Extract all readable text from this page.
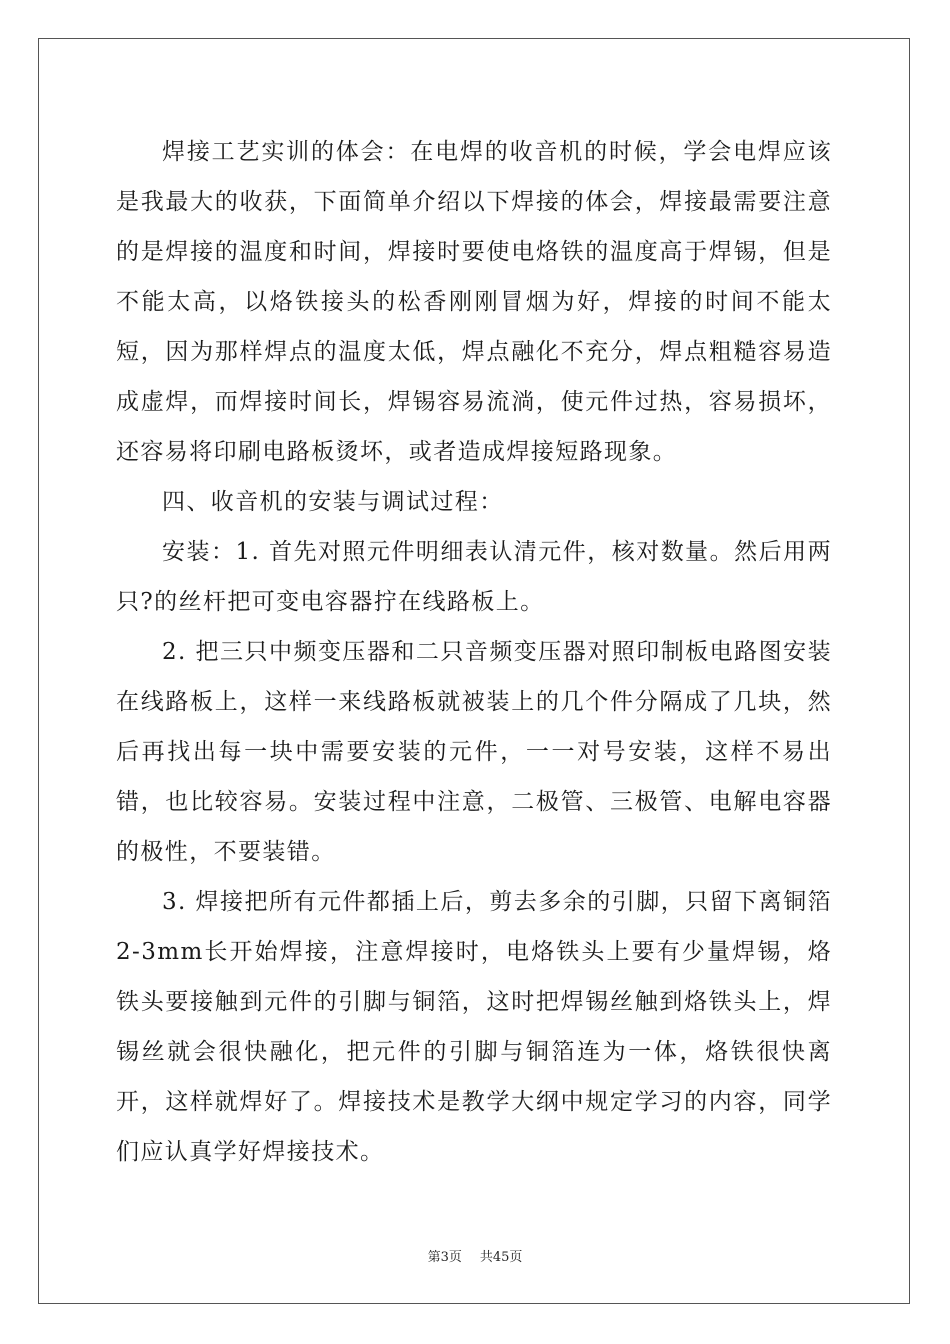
焊接工艺实训的体会：在电焊的收音机的时候，学会电焊应该是我最大的收获，下面简单介绍以下焊接的体会，焊接最需要注意的是焊接的温度和时间，焊接时要使电烙铁的温度高于焊锡，但是不能太高，以烙铁接头的松香刚刚冒烟为好，焊接的时间不能太短，因为那样焊点的温度太低，焊点融化不充分，焊点粗糙容易造成虚焊，而焊接时间长，焊锡容易流淌，使元件过热，容易损坏，还容易将印刷电路板烫坏，或者造成焊接短路现象。

四、收音机的安装与调试过程：

安装：1. 首先对照元件明细表认清元件，核对数量。然后用两只?的丝杆把可变电容器拧在线路板上。

2. 把三只中频变压器和二只音频变压器对照印制板电路图安装在线路板上，这样一来线路板就被装上的几个件分隔成了几块，然后再找出每一块中需要安装的元件，一一对号安装，这样不易出错，也比较容易。安装过程中注意，二极管、三极管、电解电容器的极性，不要装错。

3. 焊接把所有元件都插上后，剪去多余的引脚，只留下离铜箔2-3mm长开始焊接，注意焊接时，电烙铁头上要有少量焊锡，烙铁头要接触到元件的引脚与铜箔，这时把焊锡丝触到烙铁头上，焊锡丝就会很快融化，把元件的引脚与铜箔连为一体，烙铁很快离开，这样就焊好了。焊接技术是教学大纲中规定学习的内容，同学们应认真学好焊接技术。

第3页 共45页
